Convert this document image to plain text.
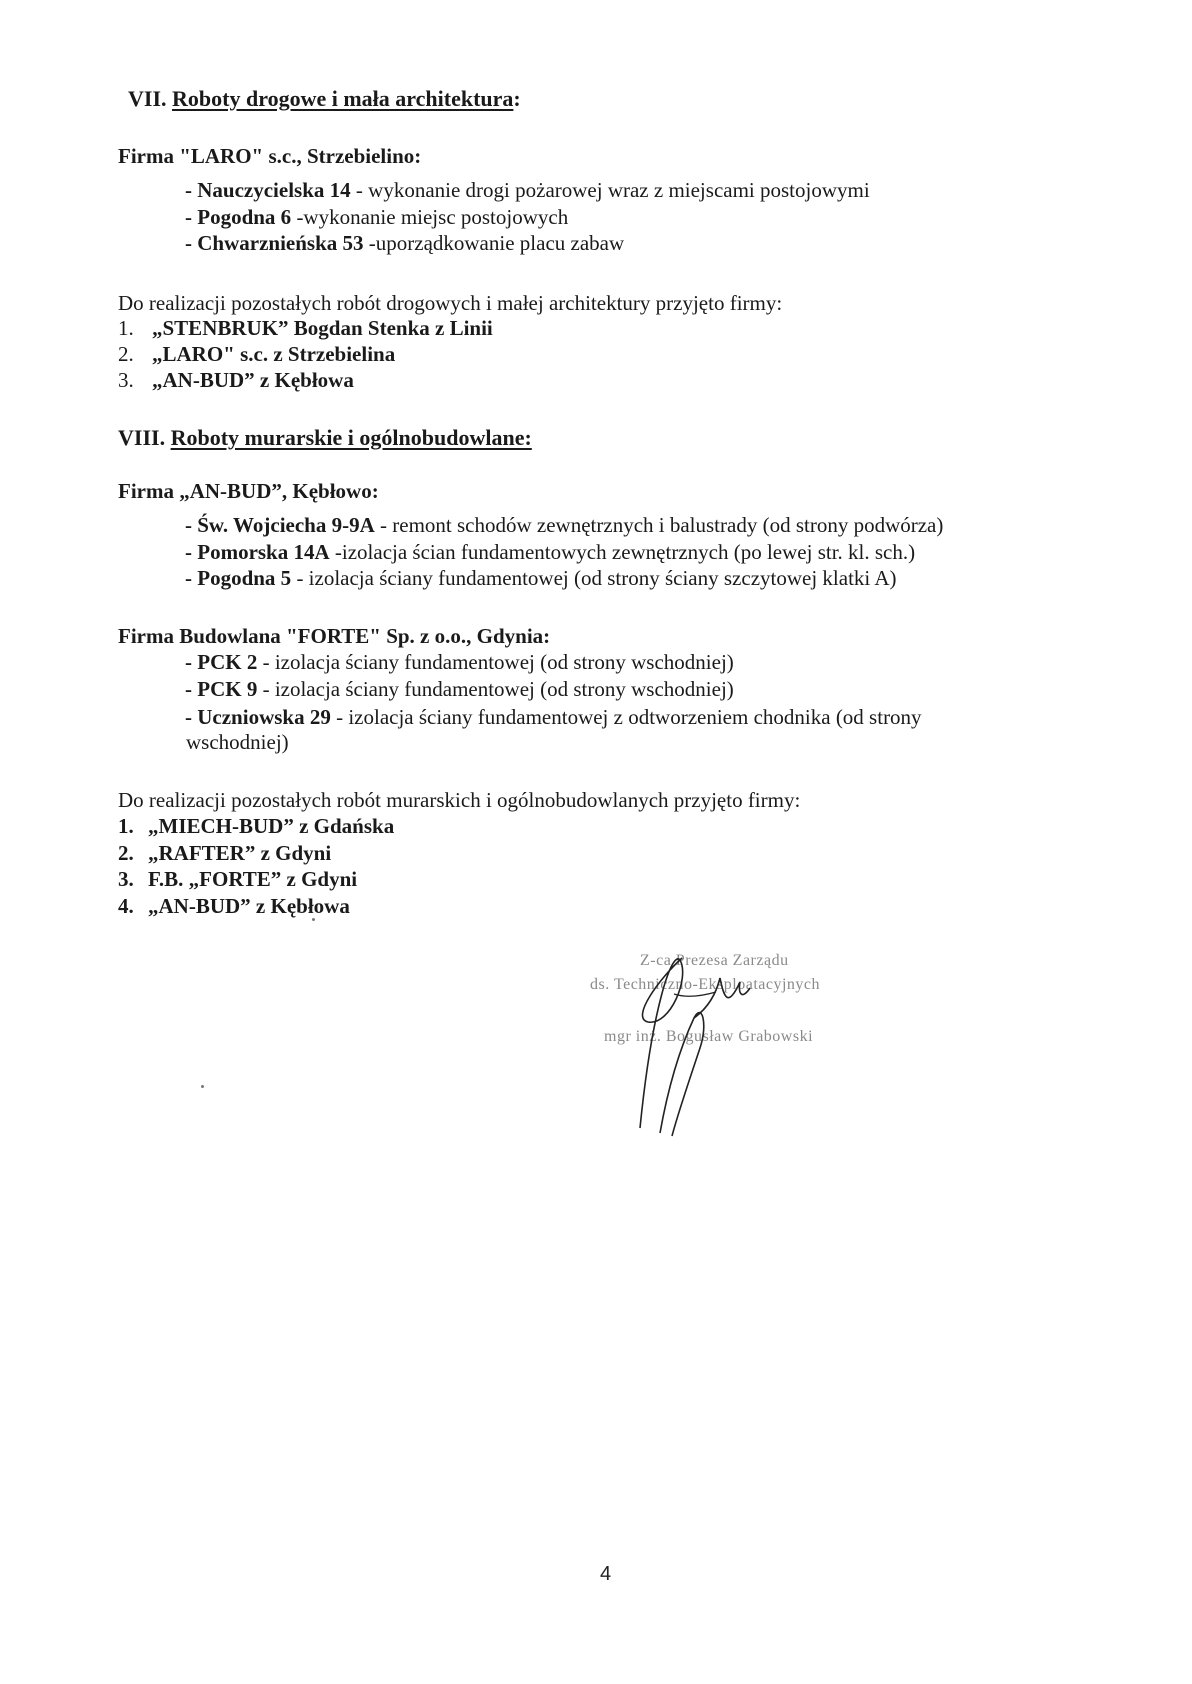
VII. Roboty drogowe i mała architektura:
Firma "LARO" s.c., Strzebielino:
- Nauczycielska 14 - wykonanie drogi pożarowej wraz z miejscami postojowymi
- Pogodna 6 -wykonanie miejsc postojowych
- Chwarznieńska 53 -uporządkowanie placu zabaw
Do realizacji pozostałych robót drogowych i małej architektury przyjęto firmy:
1. „STENBRUK” Bogdan Stenka z Linii
2. „LARO" s.c. z Strzebielina
3. „AN-BUD” z Kębłowa
VIII. Roboty murarskie i ogólnobudowlane:
Firma „AN-BUD”, Kębłowo:
- Św. Wojciecha 9-9A - remont schodów zewnętrznych i balustrady (od strony podwórza)
- Pomorska 14A -izolacja ścian fundamentowych zewnętrznych (po lewej str. kl. sch.)
- Pogodna 5 - izolacja ściany fundamentowej (od strony ściany szczytowej klatki A)
Firma Budowlana "FORTE" Sp. z o.o., Gdynia:
- PCK 2 - izolacja ściany fundamentowej (od strony wschodniej)
- PCK 9 - izolacja ściany fundamentowej (od strony wschodniej)
- Uczniowska 29 - izolacja ściany fundamentowej z odtworzeniem chodnika (od strony
wschodniej)
Do realizacji pozostałych robót murarskich i ogólnobudowlanych przyjęto firmy:
1. „MIECH-BUD” z Gdańska
2. „RAFTER” z Gdyni
3. F.B. „FORTE” z Gdyni
4. „AN-BUD” z Kębłowa
Z-ca Prezesa Zarządu
ds. Techniczno-Eksploatacyjnych
mgr inż. Bogusław Grabowski
4
